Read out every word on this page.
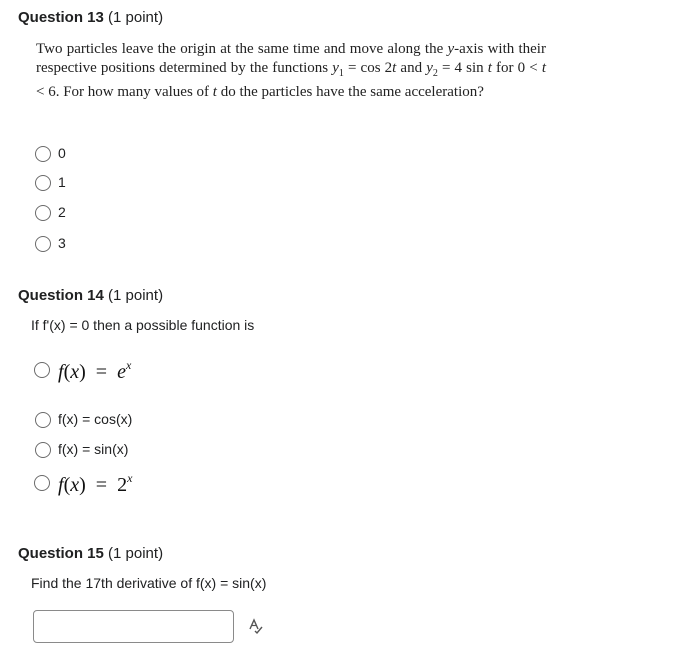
Question 13 (1 point)
Two particles leave the origin at the same time and move along the y-axis with their respective positions determined by the functions $y_1 = \cos 2t$ and $y_2 = 4$ sin t for 0 < t < 6. For how many values of t do the particles have the same acceleration?
0
1
2
3
Question 14 (1 point)
If f'(x) = 0 then a possible function is
$f(x) = e^x$
f(x) = cos(x)
f(x) = sin(x)
$f(x) = 2^x$
Question 15 (1 point)
Find the 17th derivative of f(x) = sin(x)
